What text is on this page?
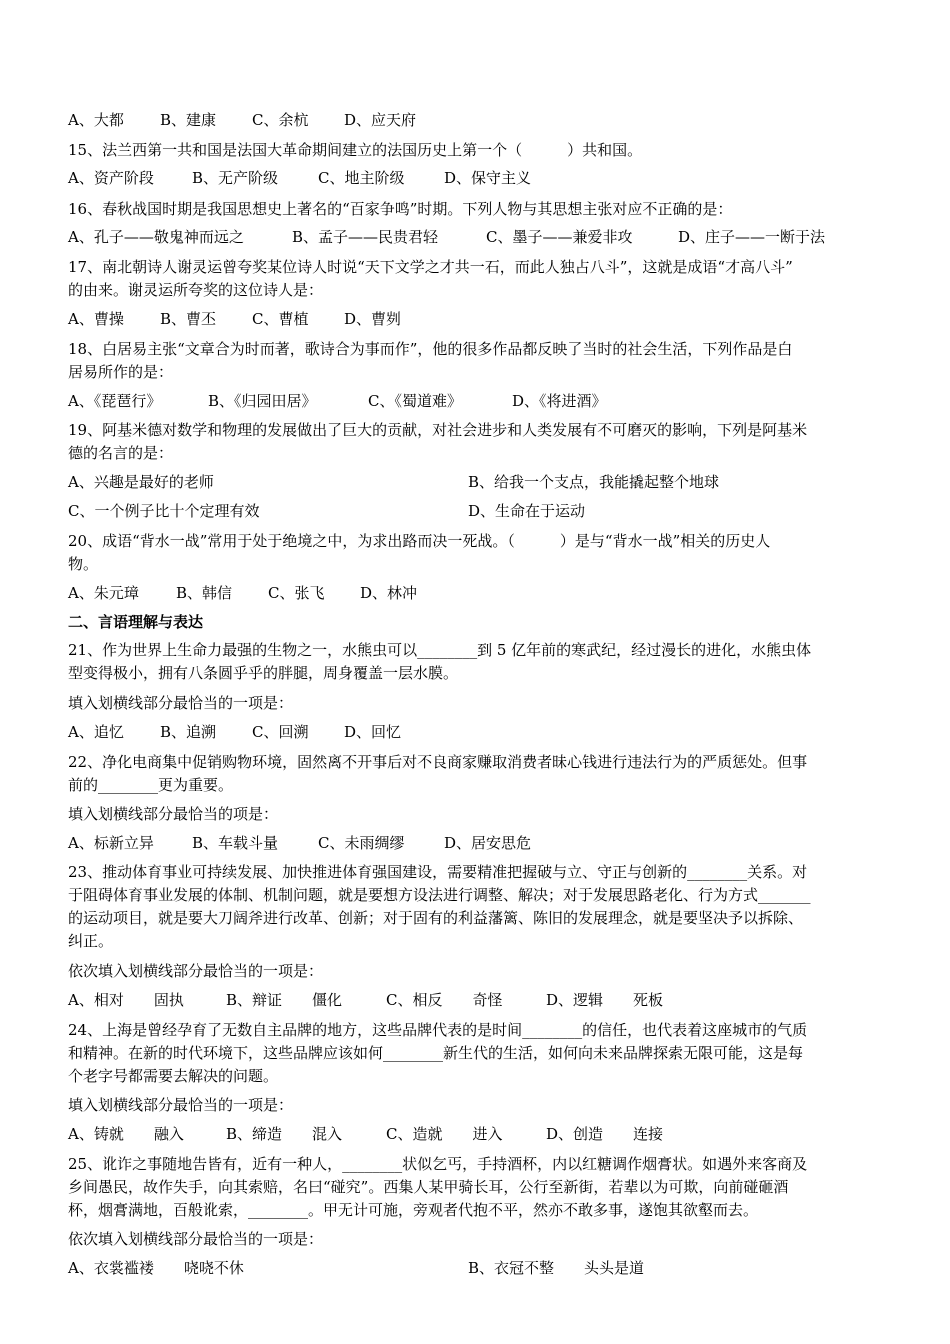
A、大都 B、建康 C、余杭 D、应天府
15、法兰西第一共和国是法国大革命期间建立的法国历史上第一个（　　　）共和国。
A、资产阶段	B、无产阶级	C、地主阶级	D、保守主义
16、春秋战国时期是我国思想史上著名的“百家争鸣”时期。下列人物与其思想主张对应不正确的是：
A、孔子——敬鬼神而远之	B、孟子——民贵君轻	C、墨子——兼爱非攻	D、庄子——一断于法
17、南北朝诗人谢灵运曾夸奖某位诗人时说“天下文学之才共一石，而此人独占八斗”，这就是成语“才高八斗”
的由来。谢灵运所夸奖的这位诗人是：
A、曹操 B、曹丕 C、曹植 D、曹刿
18、白居易主张“文章合为时而著，歌诗合为事而作”，他的很多作品都反映了当时的社会生活，下列作品是白
居易所作的是：
A、《琵琶行》	B、《归园田居》	C、《蜀道难》	D、《将进酒》
19、阿基米德对数学和物理的发展做出了巨大的贡献，对社会进步和人类发展有不可磨灭的影响，下列是阿基米
德的名言的是：
A、兴趣是最好的老师	B、给我一个支点，我能撬起整个地球
C、一个例子比十个定理有效	D、生命在于运动
20、成语“背水一战”常用于处于绝境之中，为求出路而决一死战。（　　　）是与“背水一战”相关的历史人
物。
A、朱元璋 B、韩信 C、张飞 D、林冲
二、言语理解与表达
21、作为世界上生命力最强的生物之一，水熊虫可以________到 5 亿年前的寒武纪，经过漫长的进化，水熊虫体
型变得极小，拥有八条圆乎乎的胖腿，周身覆盖一层水膜。
填入划横线部分最恰当的一项是：
A、追忆 B、追溯 C、回溯 D、回忆
22、净化电商集中促销购物环境，固然离不开事后对不良商家赚取消费者昧心钱进行违法行为的严质惩处。但事
前的________更为重要。
填入划横线部分最恰当的项是：
A、标新立异	B、车载斗量	C、未雨绸缪	D、居安思危
23、推动体育事业可持续发展、加快推进体育强国建设，需要精准把握破与立、守正与创新的________关系。对
于阻碍体育事业发展的体制、机制问题，就是要想方设法进行调整、解决；对于发展思路老化、行为方式_______
的运动项目，就是要大刀阔斧进行改革、创新；对于固有的利益藩篱、陈旧的发展理念，就是要坚决予以拆除、
纠正。
依次填入划横线部分最恰当的一项是：
A、相对　　固执	B、辩证　　僵化	C、相反　　奇怪	D、逻辑　　死板
24、上海是曾经孕育了无数自主品牌的地方，这些品牌代表的是时间________的信任，也代表着这座城市的气质
和精神。在新的时代环境下，这些品牌应该如何________新生代的生活，如何向未来品牌探索无限可能，这是每
个老字号都需要去解决的问题。
填入划横线部分最恰当的一项是：
A、铸就　　融入	B、缔造　　混入	C、造就　　进入	D、创造　　连接
25、讹诈之事随地告皆有，近有一种人，________状似乞丐，手持酒杯，内以红糖调作烟膏状。如遇外来客商及
乡间愚民，故作失手，向其索赔，名曰“碰究”。西集人某甲骑长耳，公行至新街，若辈以为可欺，向前碰砸酒
杯，烟膏满地，百般讹索，________。甲无计可施，旁观者代抱不平，然亦不敢多事，遂饱其欲壑而去。
依次填入划横线部分最恰当的一项是：
A、衣裳褴褛　　哓哓不休	B、衣冠不整　　头头是道
